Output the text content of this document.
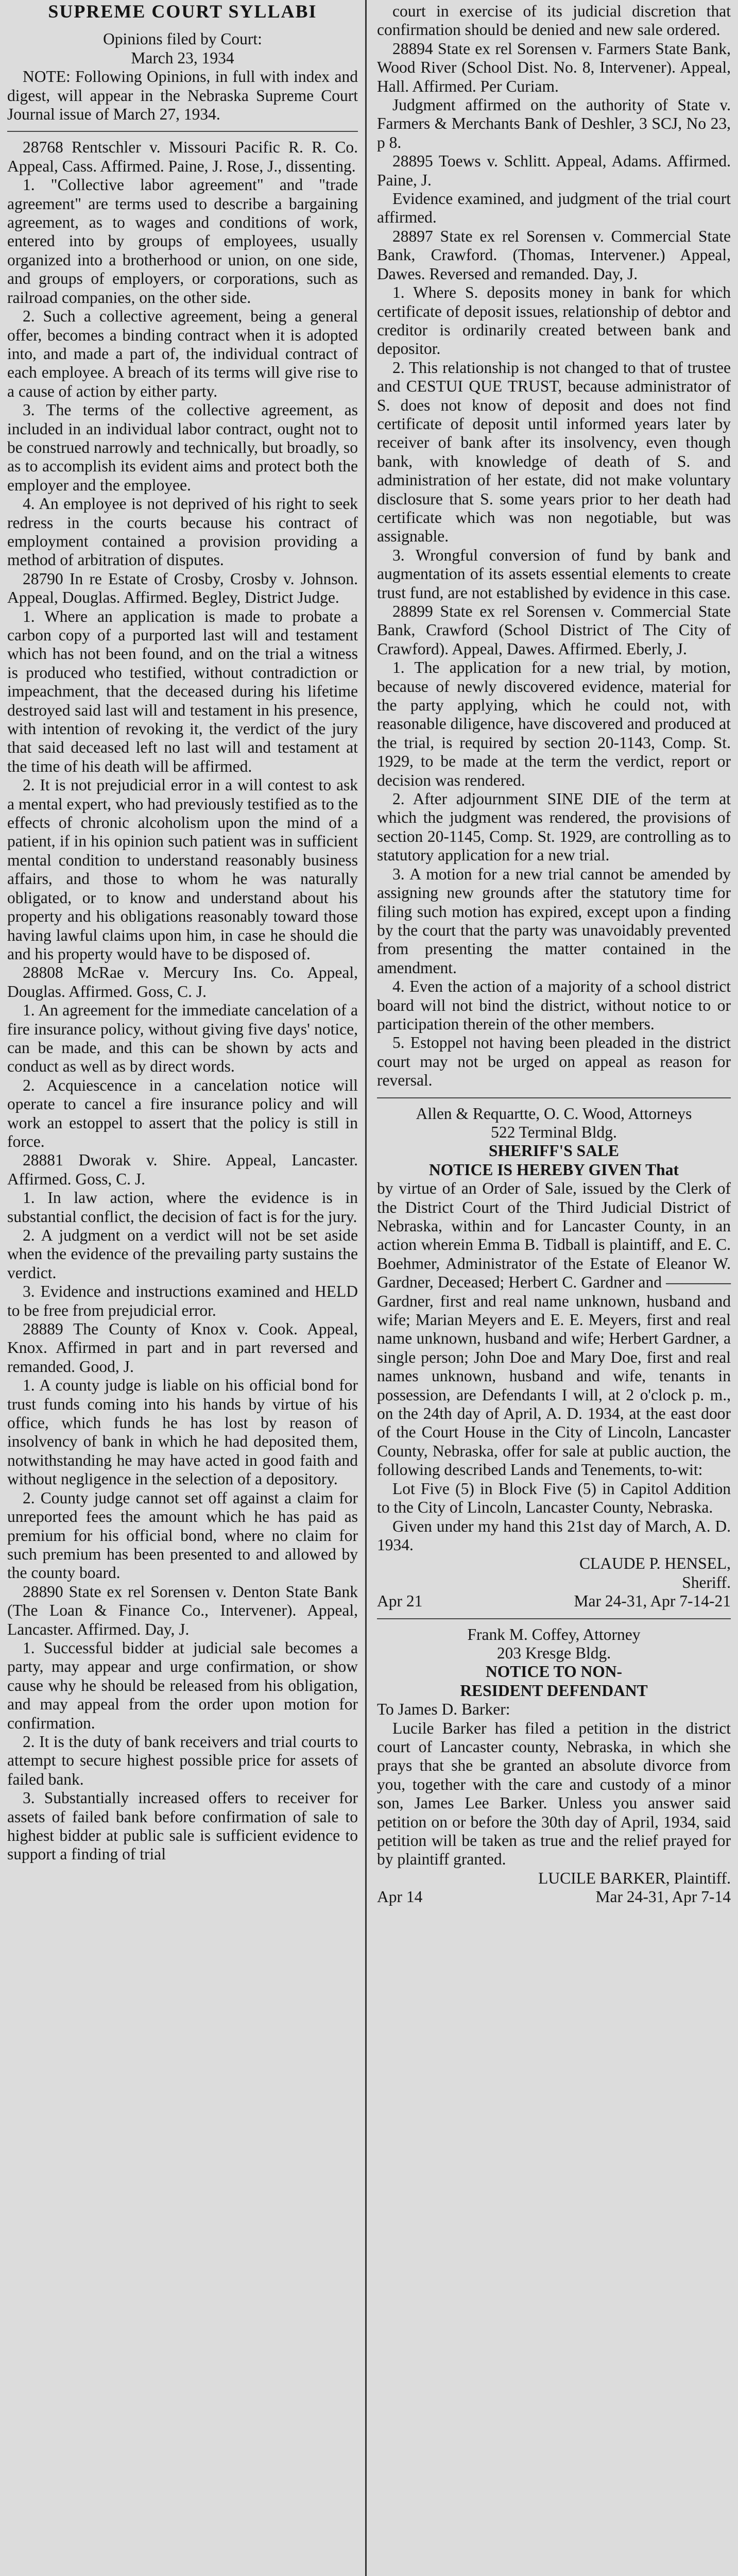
SUPREME COURT SYLLABI

Opinions filed by Court:

March 23, 1934

NOTE: Following Opinions, in full with index and digest, will appear in the Nebraska Supreme Court Journal issue of March 27, 1934.

28768 Rentschler v. Missouri Pacific R. R. Co. Appeal, Cass. Affirmed. Paine, J. Rose, J., dissenting.

1. "Collective labor agreement" and "trade agreement" are terms used to describe a bargaining agreement, as to wages and conditions of work, entered into by groups of employees, usually organized into a brotherhood or union, on one side, and groups of employers, or corporations, such as railroad companies, on the other side.

2. Such a collective agreement, being a general offer, becomes a binding contract when it is adopted into, and made a part of, the individual contract of each employee. A breach of its terms will give rise to a cause of action by either party.

3. The terms of the collective agreement, as included in an individual labor contract, ought not to be construed narrowly and technically, but broadly, so as to accomplish its evident aims and protect both the employer and the employee.

4. An employee is not deprived of his right to seek redress in the courts because his contract of employment contained a provision providing a method of arbitration of disputes.

28790 In re Estate of Crosby, Crosby v. Johnson. Appeal, Douglas. Affirmed. Begley, District Judge.

1. Where an application is made to probate a carbon copy of a purported last will and testament which has not been found, and on the trial a witness is produced who testified, without contradiction or impeachment, that the deceased during his lifetime destroyed said last will and testament in his presence, with intention of revoking it, the verdict of the jury that said deceased left no last will and testament at the time of his death will be affirmed.

2. It is not prejudicial error in a will contest to ask a mental expert, who had previously testified as to the effects of chronic alcoholism upon the mind of a patient, if in his opinion such patient was in sufficient mental condition to understand reasonably business affairs, and those to whom he was naturally obligated, or to know and understand about his property and his obligations reasonably toward those having lawful claims upon him, in case he should die and his property would have to be disposed of.

28808 McRae v. Mercury Ins. Co. Appeal, Douglas. Affirmed. Goss, C. J.

1. An agreement for the immediate cancelation of a fire insurance policy, without giving five days' notice, can be made, and this can be shown by acts and conduct as well as by direct words.

2. Acquiescence in a cancelation notice will operate to cancel a fire insurance policy and will work an estoppel to assert that the policy is still in force.

28881 Dworak v. Shire. Appeal, Lancaster. Affirmed. Goss, C. J.

1. In law action, where the evidence is in substantial conflict, the decision of fact is for the jury.

2. A judgment on a verdict will not be set aside when the evidence of the prevailing party sustains the verdict.

3. Evidence and instructions examined and HELD to be free from prejudicial error.

28889 The County of Knox v. Cook. Appeal, Knox. Affirmed in part and in part reversed and remanded. Good, J.

1. A county judge is liable on his official bond for trust funds coming into his hands by virtue of his office, which funds he has lost by reason of insolvency of bank in which he had deposited them, notwithstanding he may have acted in good faith and without negligence in the selection of a depository.

2. County judge cannot set off against a claim for unreported fees the amount which he has paid as premium for his official bond, where no claim for such premium has been presented to and allowed by the county board.

28890 State ex rel Sorensen v. Denton State Bank (The Loan & Finance Co., Intervener). Appeal, Lancaster. Affirmed. Day, J.

1. Successful bidder at judicial sale becomes a party, may appear and urge confirmation, or show cause why he should be released from his obligation, and may appeal from the order upon motion for confirmation.

2. It is the duty of bank receivers and trial courts to attempt to secure highest possible price for assets of failed bank.

3. Substantially increased offers to receiver for assets of failed bank before confirmation of sale to highest bidder at public sale is sufficient evidence to support a finding of trial

court in exercise of its judicial discretion that confirmation should be denied and new sale ordered.

28894 State ex rel Sorensen v. Farmers State Bank, Wood River (School Dist. No. 8, Intervener). Appeal, Hall. Affirmed. Per Curiam.

Judgment affirmed on the authority of State v. Farmers & Merchants Bank of Deshler, 3 SCJ, No 23, p 8.

28895 Toews v. Schlitt. Appeal, Adams. Affirmed. Paine, J.

Evidence examined, and judgment of the trial court affirmed.

28897 State ex rel Sorensen v. Commercial State Bank, Crawford. (Thomas, Intervener.) Appeal, Dawes. Reversed and remanded. Day, J.

1. Where S. deposits money in bank for which certificate of deposit issues, relationship of debtor and creditor is ordinarily created between bank and depositor.

2. This relationship is not changed to that of trustee and CESTUI QUE TRUST, because administrator of S. does not know of deposit and does not find certificate of deposit until informed years later by receiver of bank after its insolvency, even though bank, with knowledge of death of S. and administration of her estate, did not make voluntary disclosure that S. some years prior to her death had certificate which was non negotiable, but was assignable.

3. Wrongful conversion of fund by bank and augmentation of its assets essential elements to create trust fund, are not established by evidence in this case.

28899 State ex rel Sorensen v. Commercial State Bank, Crawford (School District of The City of Crawford). Appeal, Dawes. Affirmed. Eberly, J.

1. The application for a new trial, by motion, because of newly discovered evidence, material for the party applying, which he could not, with reasonable diligence, have discovered and produced at the trial, is required by section 20-1143, Comp. St. 1929, to be made at the term the verdict, report or decision was rendered.

2. After adjournment SINE DIE of the term at which the judgment was rendered, the provisions of section 20-1145, Comp. St. 1929, are controlling as to statutory application for a new trial.

3. A motion for a new trial cannot be amended by assigning new grounds after the statutory time for filing such motion has expired, except upon a finding by the court that the party was unavoidably prevented from presenting the matter contained in the amendment.

4. Even the action of a majority of a school district board will not bind the district, without notice to or participation therein of the other members.

5. Estoppel not having been pleaded in the district court may not be urged on appeal as reason for reversal.

Allen & Requartte, O. C. Wood, Attorneys

522 Terminal Bldg.

SHERIFF'S SALE

NOTICE IS HEREBY GIVEN That

by virtue of an Order of Sale, issued by the Clerk of the District Court of the Third Judicial District of Nebraska, within and for Lancaster County, in an action wherein Emma B. Tidball is plaintiff, and E. C. Boehmer, Administrator of the Estate of Eleanor W. Gardner, Deceased; Herbert C. Gardner and ———— Gardner, first and real name unknown, husband and wife; Marian Meyers and E. E. Meyers, first and real name unknown, husband and wife; Herbert Gardner, a single person; John Doe and Mary Doe, first and real names unknown, husband and wife, tenants in possession, are Defendants I will, at 2 o'clock p. m., on the 24th day of April, A. D. 1934, at the east door of the Court House in the City of Lincoln, Lancaster County, Nebraska, offer for sale at public auction, the following described Lands and Tenements, to-wit:

Lot Five (5) in Block Five (5) in Capitol Addition to the City of Lincoln, Lancaster County, Nebraska.

Given under my hand this 21st day of March, A. D. 1934.

CLAUDE P. HENSEL,

Sheriff.

Apr 21	Mar 24-31, Apr 7-14-21

Frank M. Coffey, Attorney

203 Kresge Bldg.

NOTICE TO NON-

RESIDENT DEFENDANT

To James D. Barker:

Lucile Barker has filed a petition in the district court of Lancaster county, Nebraska, in which she prays that she be granted an absolute divorce from you, together with the care and custody of a minor son, James Lee Barker. Unless you answer said petition on or before the 30th day of April, 1934, said petition will be taken as true and the relief prayed for by plaintiff granted.

LUCILE BARKER, Plaintiff.

Apr 14	Mar 24-31, Apr 7-14
